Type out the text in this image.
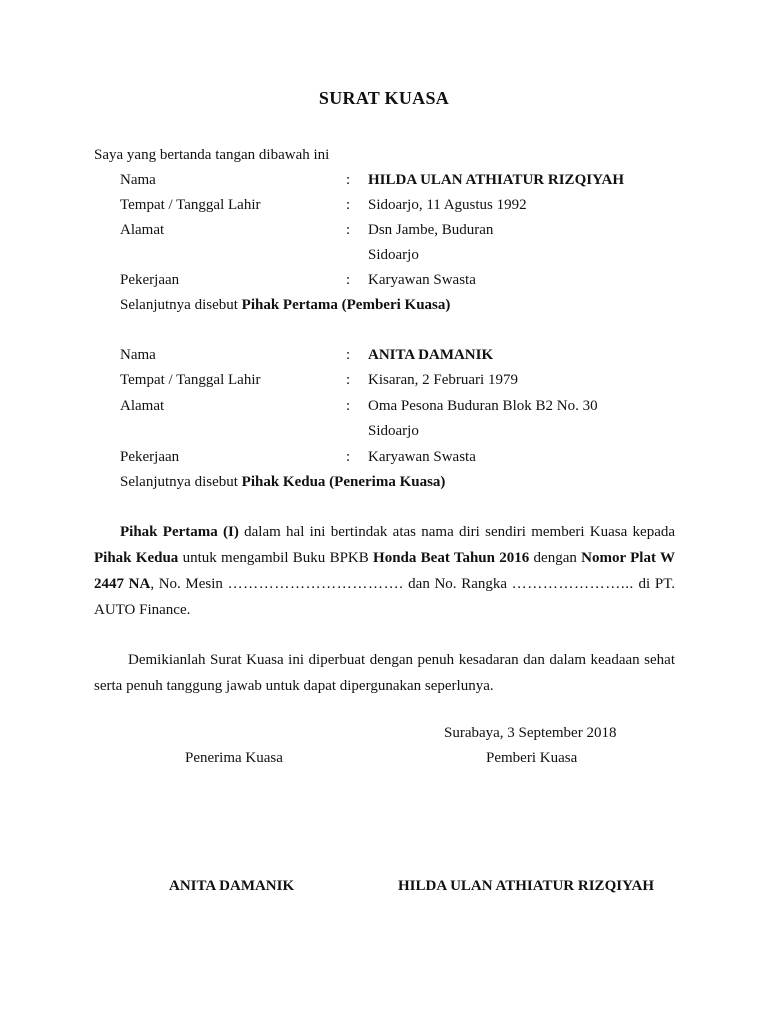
SURAT KUASA
Saya yang bertanda tangan dibawah ini
Nama	: HILDA ULAN ATHIATUR RIZQIYAH
Tempat / Tanggal Lahir	: Sidoarjo, 11 Agustus 1992
Alamat	: Dsn Jambe, Buduran
Sidoarjo
Pekerjaan	: Karyawan Swasta
Selanjutnya disebut Pihak Pertama (Pemberi Kuasa)
Nama	: ANITA DAMANIK
Tempat / Tanggal Lahir	: Kisaran, 2 Februari 1979
Alamat	: Oma Pesona Buduran Blok B2 No. 30
Sidoarjo
Pekerjaan	: Karyawan Swasta
Selanjutnya disebut Pihak Kedua (Penerima Kuasa)
Pihak Pertama (I) dalam hal ini bertindak atas nama diri sendiri memberi Kuasa kepada Pihak Kedua untuk mengambil Buku BPKB Honda Beat Tahun 2016 dengan Nomor Plat W 2447 NA, No. Mesin ……………………………. dan No. Rangka …………………... di PT. AUTO Finance.
Demikianlah Surat Kuasa ini diperbuat dengan penuh kesadaran dan dalam keadaan sehat serta penuh tanggung jawab untuk dapat dipergunakan seperlunya.
Surabaya, 3 September 2018
Penerima Kuasa	Pemberi Kuasa
ANITA DAMANIK	HILDA ULAN ATHIATUR RIZQIYAH
